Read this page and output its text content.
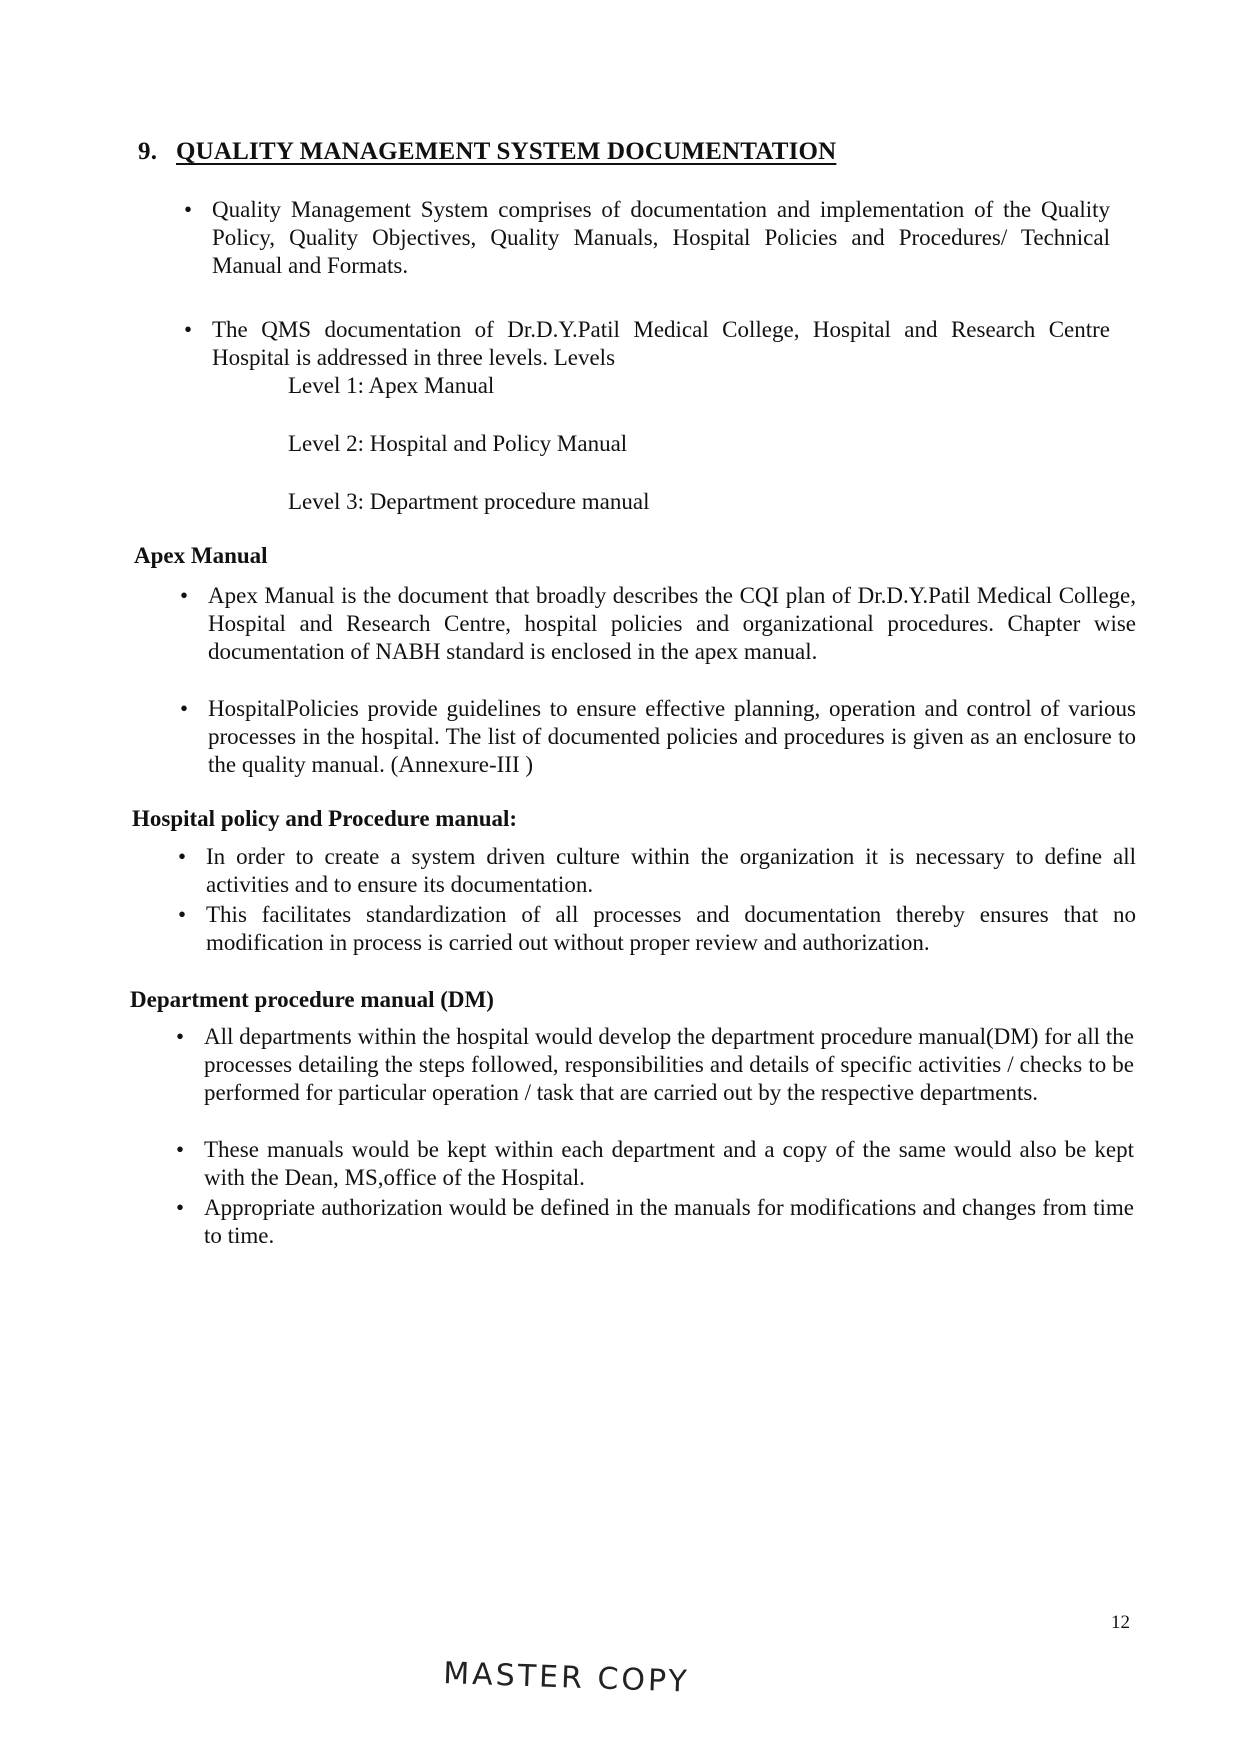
9. QUALITY MANAGEMENT SYSTEM DOCUMENTATION
• Quality Management System comprises of documentation and implementation of the Quality Policy, Quality Objectives, Quality Manuals, Hospital Policies and Procedures/ Technical Manual and Formats.
• The QMS documentation of Dr.D.Y.Patil Medical College, Hospital and Research Centre Hospital is addressed in three levels. Levels
Level 1: Apex Manual
Level 2: Hospital and Policy Manual
Level 3: Department procedure manual
Apex Manual
• Apex Manual is the document that broadly describes the CQI plan of Dr.D.Y.Patil Medical College, Hospital and Research Centre, hospital policies and organizational procedures. Chapter wise documentation of NABH standard is enclosed in the apex manual.
• HospitalPolicies provide guidelines to ensure effective planning, operation and control of various processes in the hospital. The list of documented policies and procedures is given as an enclosure to the quality manual. (Annexure-III )
Hospital policy and Procedure manual:
• In order to create a system driven culture within the organization it is necessary to define all activities and to ensure its documentation.
• This facilitates standardization of all processes and documentation thereby ensures that no modification in process is carried out without proper review and authorization.
Department procedure manual (DM)
• All departments within the hospital would develop the department procedure manual(DM) for all the processes detailing the steps followed, responsibilities and details of specific activities / checks to be performed for particular operation / task that are carried out by the respective departments.
• These manuals would be kept within each department and a copy of the same would also be kept with the Dean, MS,office of the Hospital.
• Appropriate authorization would be defined in the manuals for modifications and changes from time to time.
12
MASTER COPY
